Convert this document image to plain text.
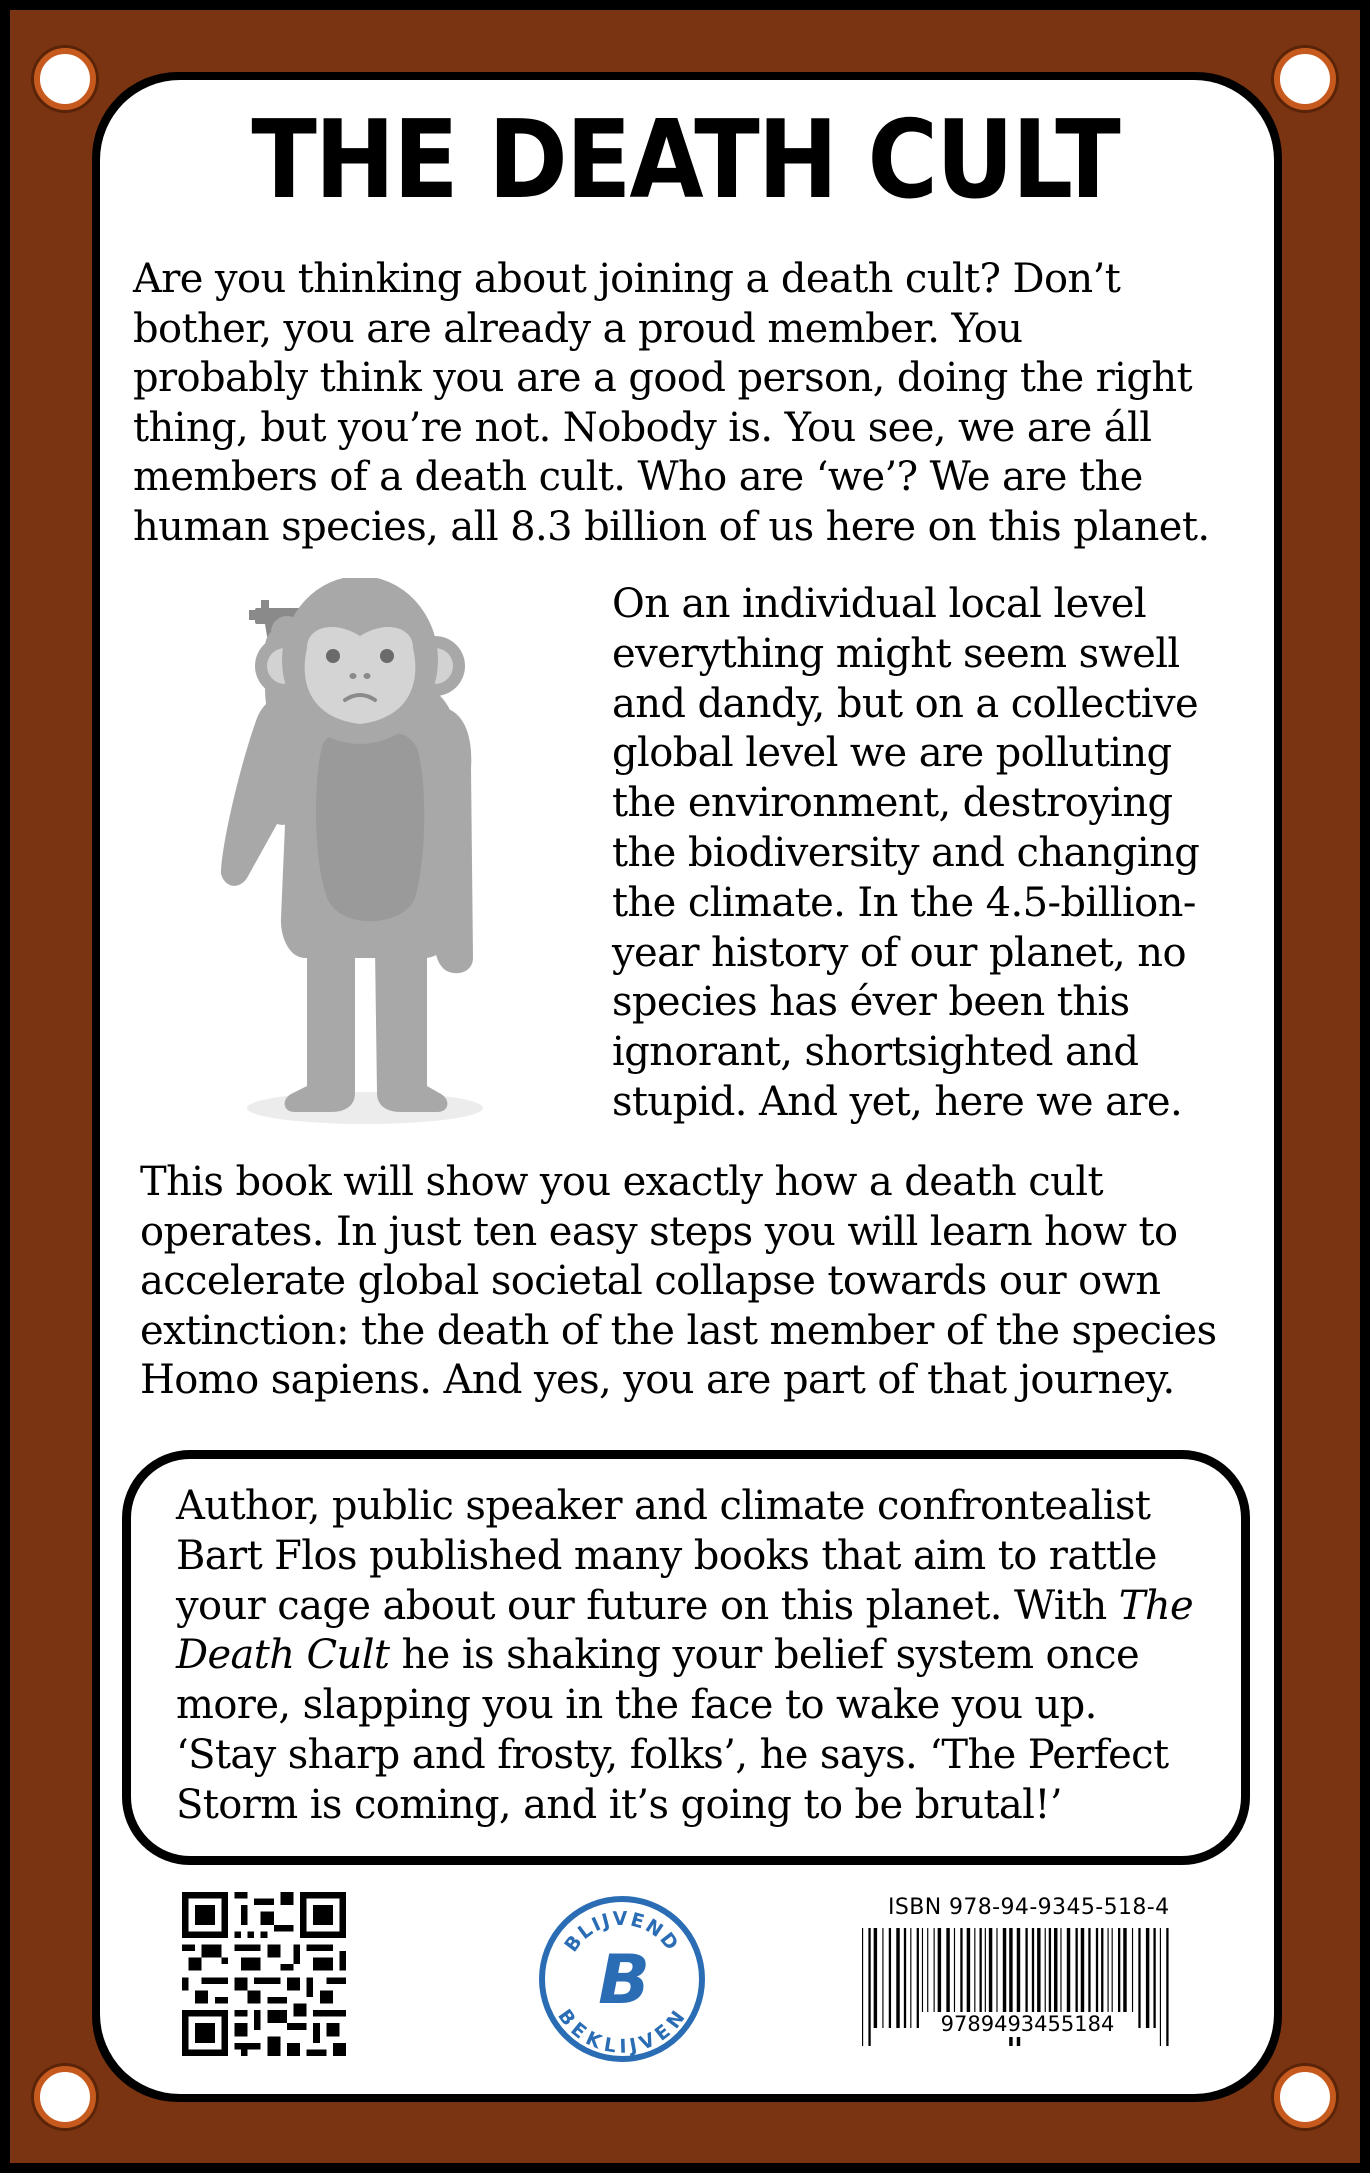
THE DEATH CULT

Are you thinking about joining a death cult? Don’t
bother, you are already a proud member. You
probably think you are a good person, doing the right
thing, but you’re not. Nobody is. You see, we are áll
members of a death cult. Who are ‘we’? We are the
human species, all 8.3 billion of us here on this planet.

On an individual local level
everything might seem swell
and dandy, but on a collective
global level we are polluting
the environment, destroying
the biodiversity and changing
the climate. In the 4.5-billion-
year history of our planet, no
species has éver been this
ignorant, shortsighted and
stupid. And yet, here we are.

This book will show you exactly how a death cult
operates. In just ten easy steps you will learn how to
accelerate global societal collapse towards our own
extinction: the death of the last member of the species
Homo sapiens. And yes, you are part of that journey.

Author, public speaker and climate confrontealist
Bart Flos published many books that aim to rattle
your cage about our future on this planet. With The
Death Cult he is shaking your belief system once
more, slapping you in the face to wake you up.
‘Stay sharp and frosty, folks’, he says. ‘The Perfect
Storm is coming, and it’s going to be brutal!’

BLIJVEND
BEKLIJVEN
B
ISBN 978-94-9345-518-4
9789493455184
